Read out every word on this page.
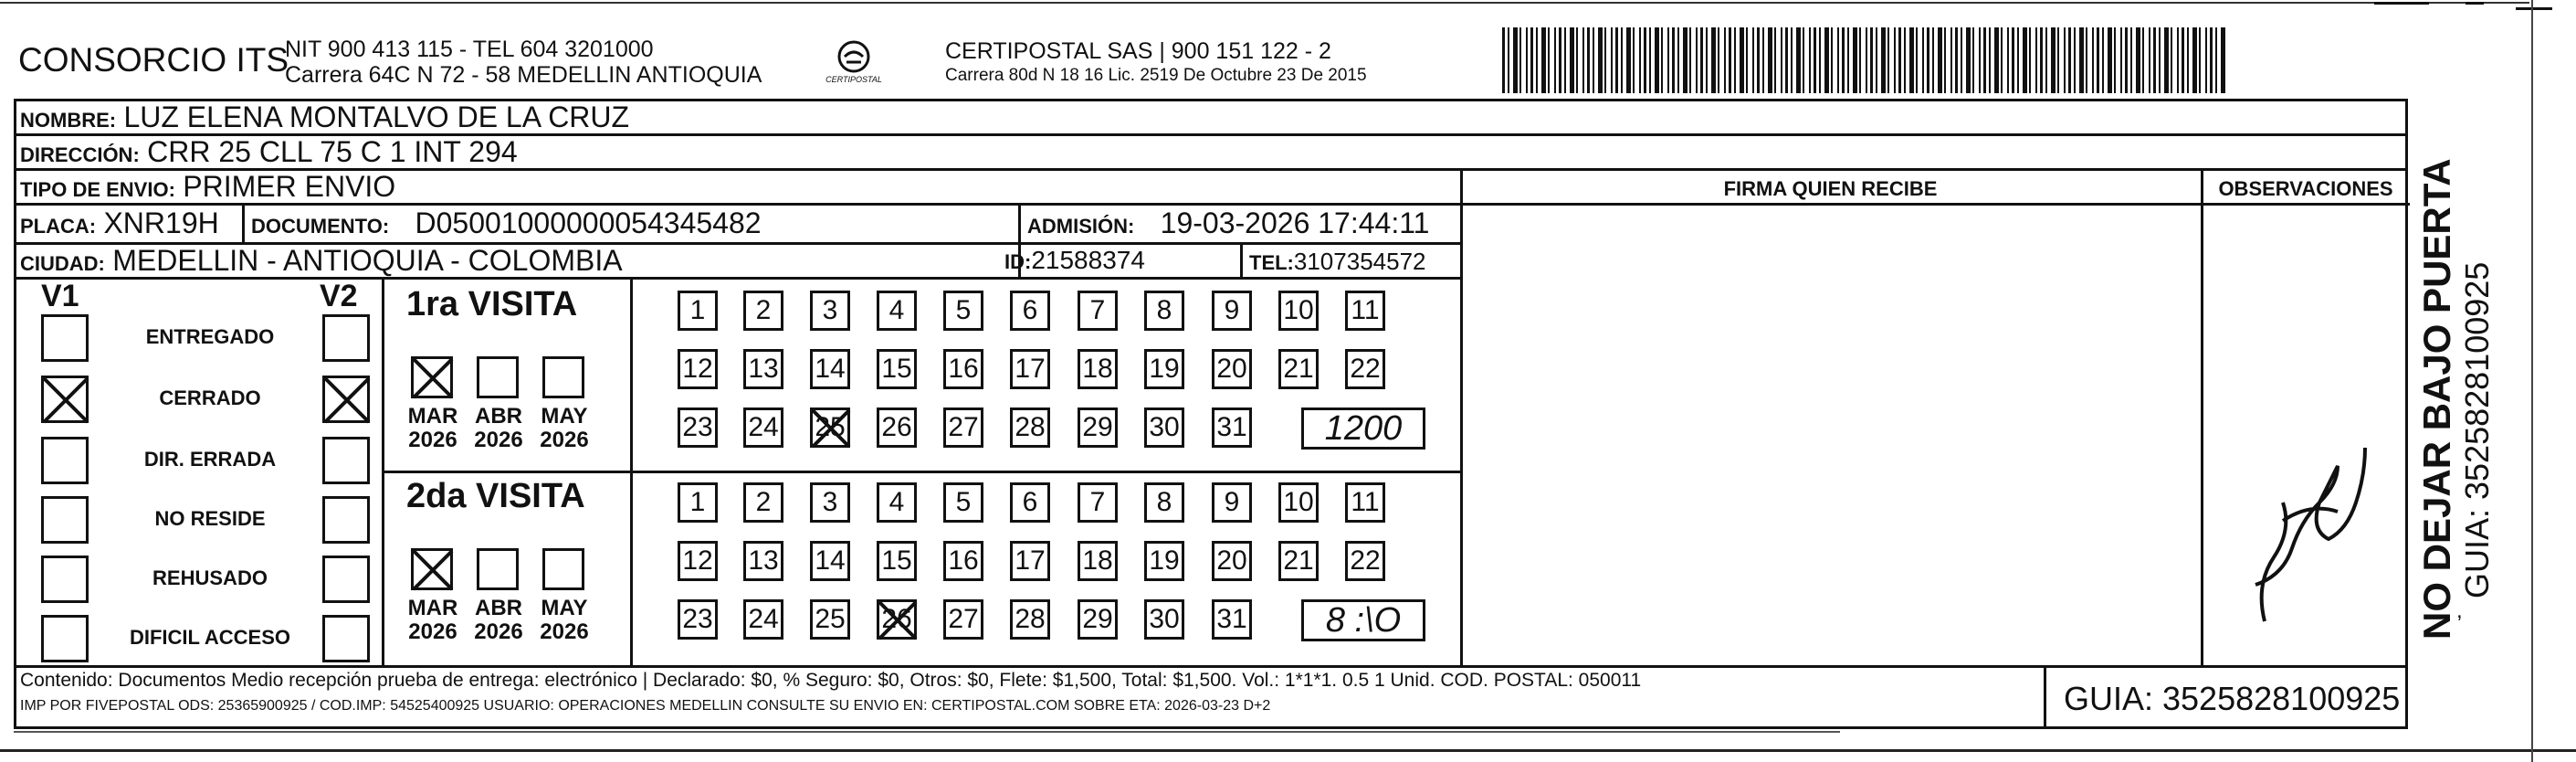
CONSORCIO ITS
NIT 900 413 115 - TEL 604 3201000
Carrera 64C N 72 - 58 MEDELLIN ANTIOQUIA	CERTIPOSTAL
CERTIPOSTAL SAS | 900 151 122 - 2
Carrera 80d N 18 16 Lic. 2519 De Octubre 23 De 2015
NOMBRE: LUZ ELENA MONTALVO DE LA CRUZ
DIRECCIÓN: CRR 25 CLL 75 C 1 INT 294
TIPO DE ENVIO: PRIMER ENVIO
PLACA: XNR19H DOCUMENTO: D05001000000054345482	ADMISIÓN: 19-03-2026 17:44:11
CIUDAD: MEDELLIN - ANTIOQUIA - COLOMBIA	ID:21588374	TEL:3107354572
FIRMA QUIEN RECIBE	OBSERVACIONES
V1	V2
ENTREGADO
CERRADO
DIR. ERRADA
NO RESIDE
REHUSADO
DIFICIL ACCESO
1ra VISITA
2da VISITA
MAR
2026
ABR
2026
MAY
2026
1	2	3	4	5	6	7	8	9	10 11
12 13 14 15 16 17 18 19 20 21 22
23 24 25 26 27 28 29 30 31	1200
MAR
2026
ABR
2026
MAY
2026
1	2	3	4	5	6	7	8	9	10 11
12 13 14 15 16 17 18 19 20 21 22
23 24 25 26 27 28 29 30 31	8 :\O	NO DEJAR BAJO PUERTA GUIA: 3525828100925
,
Contenido: Documentos Medio recepción prueba de entrega: electrónico | Declarado: $0, % Seguro: $0, Otros: $0, Flete: $1,500, Total: $1,500. Vol.: 1*1*1. 0.5 1 Unid. COD. POSTAL: 050011
IMP POR FIVEPOSTAL ODS: 25365900925 / COD.IMP: 54525400925 USUARIO: OPERACIONES MEDELLIN CONSULTE SU ENVIO EN: CERTIPOSTAL.COM SOBRE ETA: 2026-03-23 D+2	GUIA: 3525828100925
